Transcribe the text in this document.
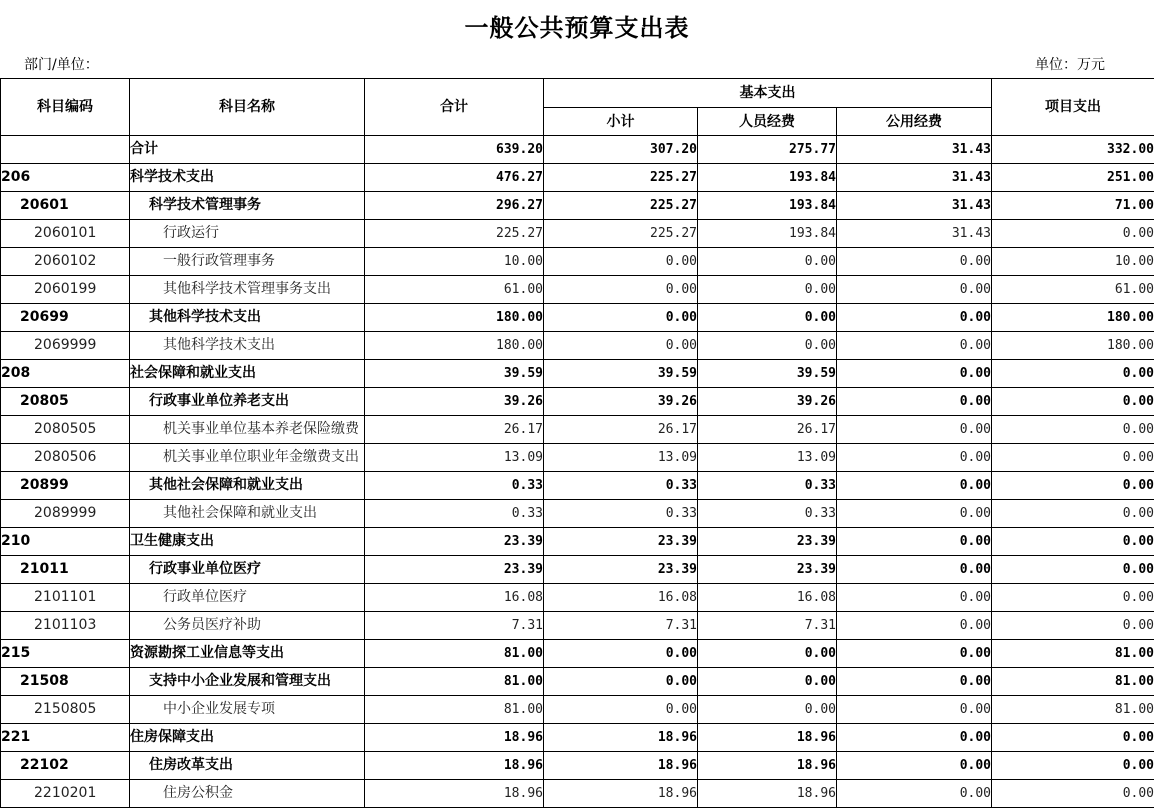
一般公共预算支出表
部门/单位：	单位：万元
科目编码	科目名称	合计	基本支出			项目支出
			小计	人员经费	公用经费	
	合计	639.20	307.20	275.77	31.43	332.00
206	科学技术支出	476.27	225.27	193.84	31.43	251.00
20601	科学技术管理事务	296.27	225.27	193.84	31.43	71.00
2060101	行政运行	225.27	225.27	193.84	31.43	0.00
2060102	一般行政管理事务	10.00	0.00	0.00	0.00	10.00
2060199	其他科学技术管理事务支出	61.00	0.00	0.00	0.00	61.00
20699	其他科学技术支出	180.00	0.00	0.00	0.00	180.00
2069999	其他科学技术支出	180.00	0.00	0.00	0.00	180.00
208	社会保障和就业支出	39.59	39.59	39.59	0.00	0.00
20805	行政事业单位养老支出	39.26	39.26	39.26	0.00	0.00
2080505	机关事业单位基本养老保险缴费	26.17	26.17	26.17	0.00	0.00
2080506	机关事业单位职业年金缴费支出	13.09	13.09	13.09	0.00	0.00
20899	其他社会保障和就业支出	0.33	0.33	0.33	0.00	0.00
2089999	其他社会保障和就业支出	0.33	0.33	0.33	0.00	0.00
210	卫生健康支出	23.39	23.39	23.39	0.00	0.00
21011	行政事业单位医疗	23.39	23.39	23.39	0.00	0.00
2101101	行政单位医疗	16.08	16.08	16.08	0.00	0.00
2101103	公务员医疗补助	7.31	7.31	7.31	0.00	0.00
215	资源勘探工业信息等支出	81.00	0.00	0.00	0.00	81.00
21508	支持中小企业发展和管理支出	81.00	0.00	0.00	0.00	81.00
2150805	中小企业发展专项	81.00	0.00	0.00	0.00	81.00
221	住房保障支出	18.96	18.96	18.96	0.00	0.00
22102	住房改革支出	18.96	18.96	18.96	0.00	0.00
2210201	住房公积金	18.96	18.96	18.96	0.00	0.00
